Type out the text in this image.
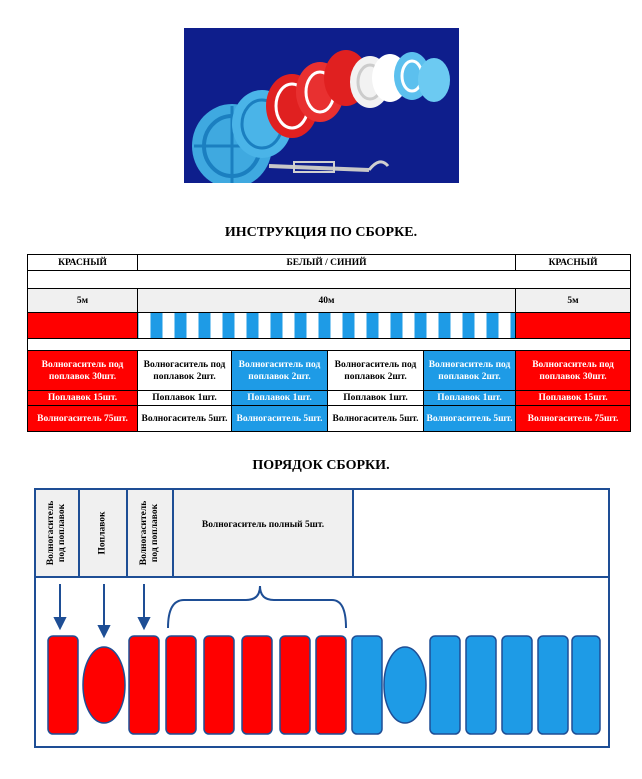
ИНСТРУКЦИЯ ПО СБОРКЕ.
КРАСНЫЙ	БЕЛЫЙ / СИНИЙ				КРАСНЫЙ

5м	40м				5м

Волногаситель под поплавок 30шт.	Волногаситель под поплавок 2шт.	Волногаситель под поплавок 2шт.	Волногаситель под поплавок 2шт.	Волногаситель под поплавок 2шт.	Волногаситель под поплавок 30шт.
Поплавок 15шт.	Поплавок 1шт.	Поплавок 1шт.	Поплавок 1шт.	Поплавок 1шт.	Поплавок 15шт.
Волногаситель 75шт.	Волногаситель 5шт.	Волногаситель 5шт.	Волногаситель 5шт.	Волногаситель 5шт.	Волногаситель 75шт.
ПОРЯДОК СБОРКИ.
Волногаситель под поплавок	Поплавок	Волногаситель под поплавок	Волногаситель полный 5шт.
